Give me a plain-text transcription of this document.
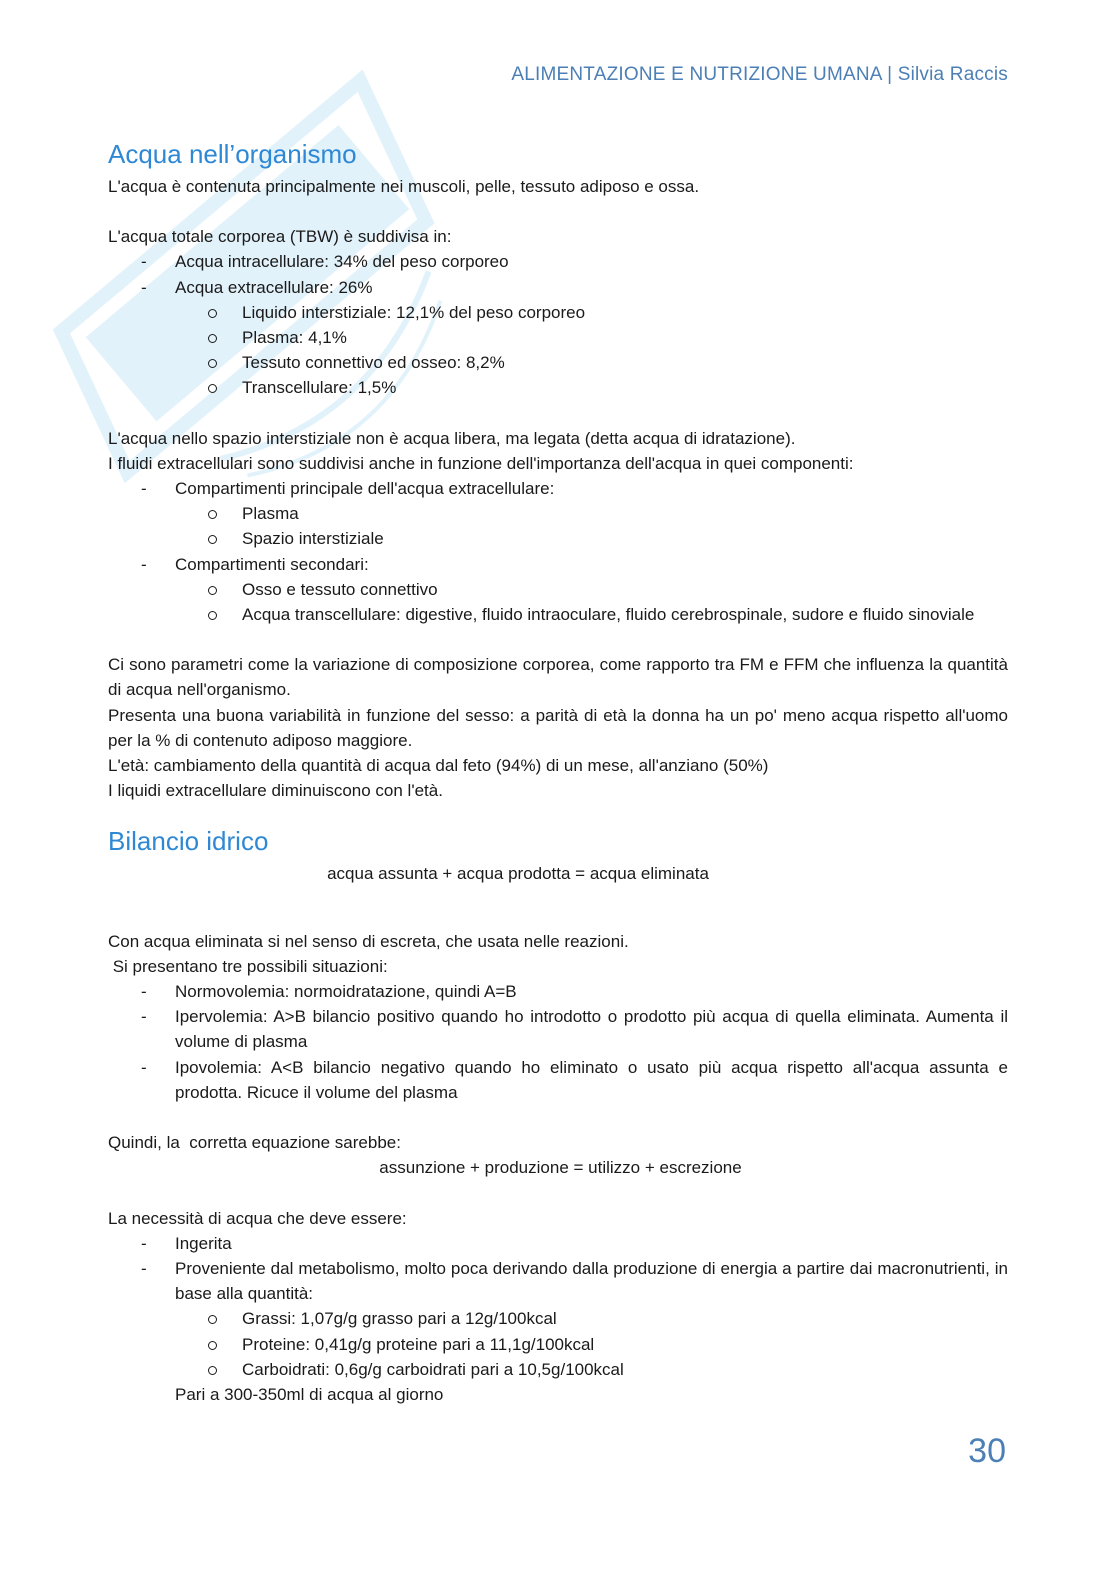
ALIMENTAZIONE E NUTRIZIONE UMANA | Silvia Raccis
Acqua nell’organismo

L'acqua è contenuta principalmente nei muscoli, pelle, tessuto adiposo e ossa.

L'acqua totale corporea (TBW) è suddivisa in:

- Acqua intracellulare: 34% del peso corporeo
- Acqua extracellulare: 26%
Liquido interstiziale: 12,1% del peso corporeo
Plasma: 4,1%
Tessuto connettivo ed osseo: 8,2%
Transcellulare: 1,5%

L'acqua nello spazio interstiziale non è acqua libera, ma legata (detta acqua di idratazione).

I fluidi extracellulari sono suddivisi anche in funzione dell'importanza dell'acqua in quei componenti:

- Compartimenti principale dell'acqua extracellulare:
Plasma
Spazio interstiziale
- Compartimenti secondari:
Osso e tessuto connettivo
Acqua transcellulare: digestive, fluido intraoculare, fluido cerebrospinale, sudore e fluido sinoviale

Ci sono parametri come la variazione di composizione corporea, come rapporto tra FM e FFM che influenza la quantità di acqua nell'organismo.

Presenta una buona variabilità in funzione del sesso: a parità di età la donna ha un po' meno acqua rispetto all'uomo per la % di contenuto adiposo maggiore.

L'età: cambiamento della quantità di acqua dal feto (94%) di un mese, all'anziano (50%)

I liquidi extracellulare diminuiscono con l'età.

Bilancio idrico

acqua assunta + acqua prodotta = acqua eliminata

Con acqua eliminata si nel senso di escreta, che usata nelle reazioni.

Si presentano tre possibili situazioni:

- Normovolemia: normoidratazione, quindi A=B
- Ipervolemia: A>B bilancio positivo quando ho introdotto o prodotto più acqua di quella eliminata. Aumenta il volume di plasma
- Ipovolemia: A<B bilancio negativo quando ho eliminato o usato più acqua rispetto all'acqua assunta e prodotta. Ricuce il volume del plasma

Quindi, la  corretta equazione sarebbe:

assunzione + produzione = utilizzo + escrezione

La necessità di acqua che deve essere:

- Ingerita
- Proveniente dal metabolismo, molto poca derivando dalla produzione di energia a partire dai macronutrienti, in base alla quantità:
Grassi: 1,07g/g grasso pari a 12g/100kcal
Proteine: 0,41g/g proteine pari a 11,1g/100kcal
Carboidrati: 0,6g/g carboidrati pari a 10,5g/100kcal

Pari a 300-350ml di acqua al giorno

30
